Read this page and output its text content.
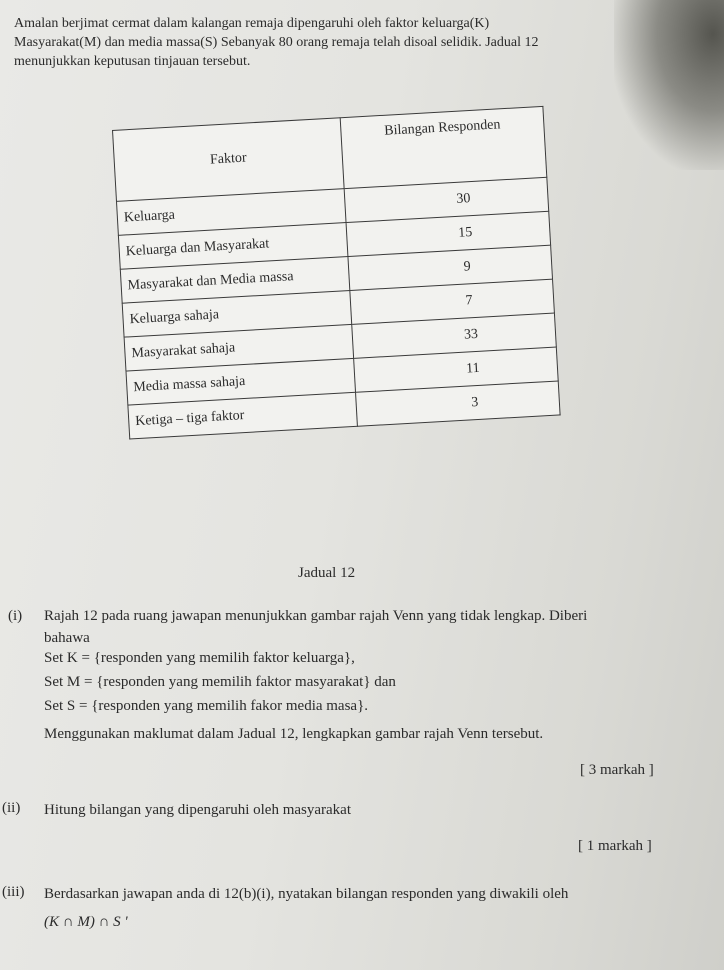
Amalan berjimat cermat dalam kalangan remaja dipengaruhi oleh faktor keluarga(K)
Masyarakat(M) dan media massa(S) Sebanyak 80 orang remaja telah disoal selidik. Jadual 12
menunjukkan keputusan tinjauan tersebut.
Faktor	Bilangan Responden
Keluarga	30
Keluarga dan Masyarakat	15
Masyarakat dan Media massa	9
Keluarga sahaja	7
Masyarakat sahaja	33
Media massa sahaja	11
Ketiga – tiga faktor	3
Jadual 12
(i) Rajah 12 pada ruang jawapan menunjukkan gambar rajah Venn yang tidak lengkap. Diberi
bahawa
Set K = {responden yang memilih faktor keluarga},
Set M = {responden yang memilih faktor masyarakat} dan
Set S = {responden yang memilih fakor media masa}.
Menggunakan maklumat dalam Jadual 12, lengkapkan gambar rajah Venn tersebut.
[ 3 markah ]
(ii) Hitung bilangan yang dipengaruhi oleh masyarakat
[ 1 markah ]
(iii) Berdasarkan jawapan anda di 12(b)(i), nyatakan bilangan responden yang diwakili oleh
(K ∩ M) ∩ S '
